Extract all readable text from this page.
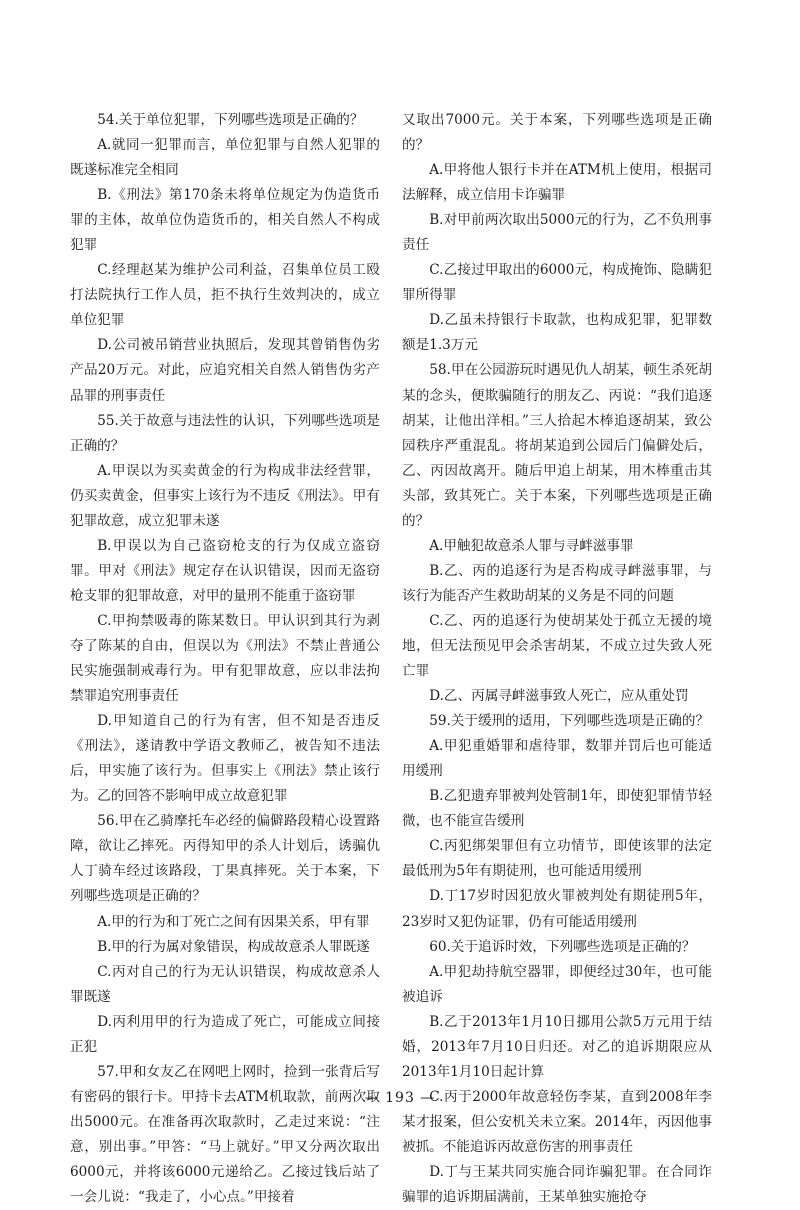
54.关于单位犯罪，下列哪些选项是正确的？

A.就同一犯罪而言，单位犯罪与自然人犯罪的既遂标准完全相同

B.《刑法》第170条未将单位规定为伪造货币罪的主体，故单位伪造货币的，相关自然人不构成犯罪

C.经理赵某为维护公司利益，召集单位员工殴打法院执行工作人员，拒不执行生效判决的，成立单位犯罪

D.公司被吊销营业执照后，发现其曾销售伪劣产品20万元。对此，应追究相关自然人销售伪劣产品罪的刑事责任

55.关于故意与违法性的认识，下列哪些选项是正确的？

A.甲误以为买卖黄金的行为构成非法经营罪，仍买卖黄金，但事实上该行为不违反《刑法》。甲有犯罪故意，成立犯罪未遂

B.甲误以为自己盗窃枪支的行为仅成立盗窃罪。甲对《刑法》规定存在认识错误，因而无盗窃枪支罪的犯罪故意，对甲的量刑不能重于盗窃罪

C.甲拘禁吸毒的陈某数日。甲认识到其行为剥夺了陈某的自由，但误以为《刑法》不禁止普通公民实施强制戒毒行为。甲有犯罪故意，应以非法拘禁罪追究刑事责任

D.甲知道自己的行为有害，但不知是否违反《刑法》，遂请教中学语文教师乙，被告知不违法后，甲实施了该行为。但事实上《刑法》禁止该行为。乙的回答不影响甲成立故意犯罪

56.甲在乙骑摩托车必经的偏僻路段精心设置路障，欲让乙摔死。丙得知甲的杀人计划后，诱骗仇人丁骑车经过该路段，丁果真摔死。关于本案，下列哪些选项是正确的？

A.甲的行为和丁死亡之间有因果关系，甲有罪

B.甲的行为属对象错误，构成故意杀人罪既遂

C.丙对自己的行为无认识错误，构成故意杀人罪既遂

D.丙利用甲的行为造成了死亡，可能成立间接正犯

57.甲和女友乙在网吧上网时，捡到一张背后写有密码的银行卡。甲持卡去ATM机取款，前两次取出5000元。在准备再次取款时，乙走过来说：“注意，别出事。”甲答：“马上就好。”甲又分两次取出6000元，并将该6000元递给乙。乙接过钱后站了一会儿说：“我走了，小心点。”甲接着

又取出7000元。关于本案，下列哪些选项是正确的？

A.甲将他人银行卡并在ATM机上使用，根据司法解释，成立信用卡诈骗罪

B.对甲前两次取出5000元的行为，乙不负刑事责任

C.乙接过甲取出的6000元，构成掩饰、隐瞒犯罪所得罪

D.乙虽未持银行卡取款，也构成犯罪，犯罪数额是1.3万元

58.甲在公园游玩时遇见仇人胡某，顿生杀死胡某的念头，便欺骗随行的朋友乙、丙说：“我们追逐胡某，让他出洋相。”三人拾起木棒追逐胡某，致公园秩序严重混乱。将胡某追到公园后门偏僻处后，乙、丙因故离开。随后甲追上胡某，用木棒重击其头部，致其死亡。关于本案，下列哪些选项是正确的？

A.甲触犯故意杀人罪与寻衅滋事罪

B.乙、丙的追逐行为是否构成寻衅滋事罪，与该行为能否产生救助胡某的义务是不同的问题

C.乙、丙的追逐行为使胡某处于孤立无援的境地，但无法预见甲会杀害胡某，不成立过失致人死亡罪

D.乙、丙属寻衅滋事致人死亡，应从重处罚

59.关于缓刑的适用，下列哪些选项是正确的？

A.甲犯重婚罪和虐待罪，数罪并罚后也可能适用缓刑

B.乙犯遗弃罪被判处管制1年，即使犯罪情节轻微，也不能宣告缓刑

C.丙犯绑架罪但有立功情节，即使该罪的法定最低刑为5年有期徒刑，也可能适用缓刑

D.丁17岁时因犯放火罪被判处有期徒刑5年，23岁时又犯伪证罪，仍有可能适用缓刑

60.关于追诉时效，下列哪些选项是正确的？

A.甲犯劫持航空器罪，即便经过30年，也可能被追诉

B.乙于2013年1月10日挪用公款5万元用于结婚，2013年7月10日归还。对乙的追诉期限应从2013年1月10日起计算

C.丙于2000年故意轻伤李某，直到2008年李某才报案，但公安机关未立案。2014年，丙因他事被抓。不能追诉丙故意伤害的刑事责任

D.丁与王某共同实施合同诈骗犯罪。在合同诈骗罪的追诉期届满前，王某单独实施抢夺

— 193 —
